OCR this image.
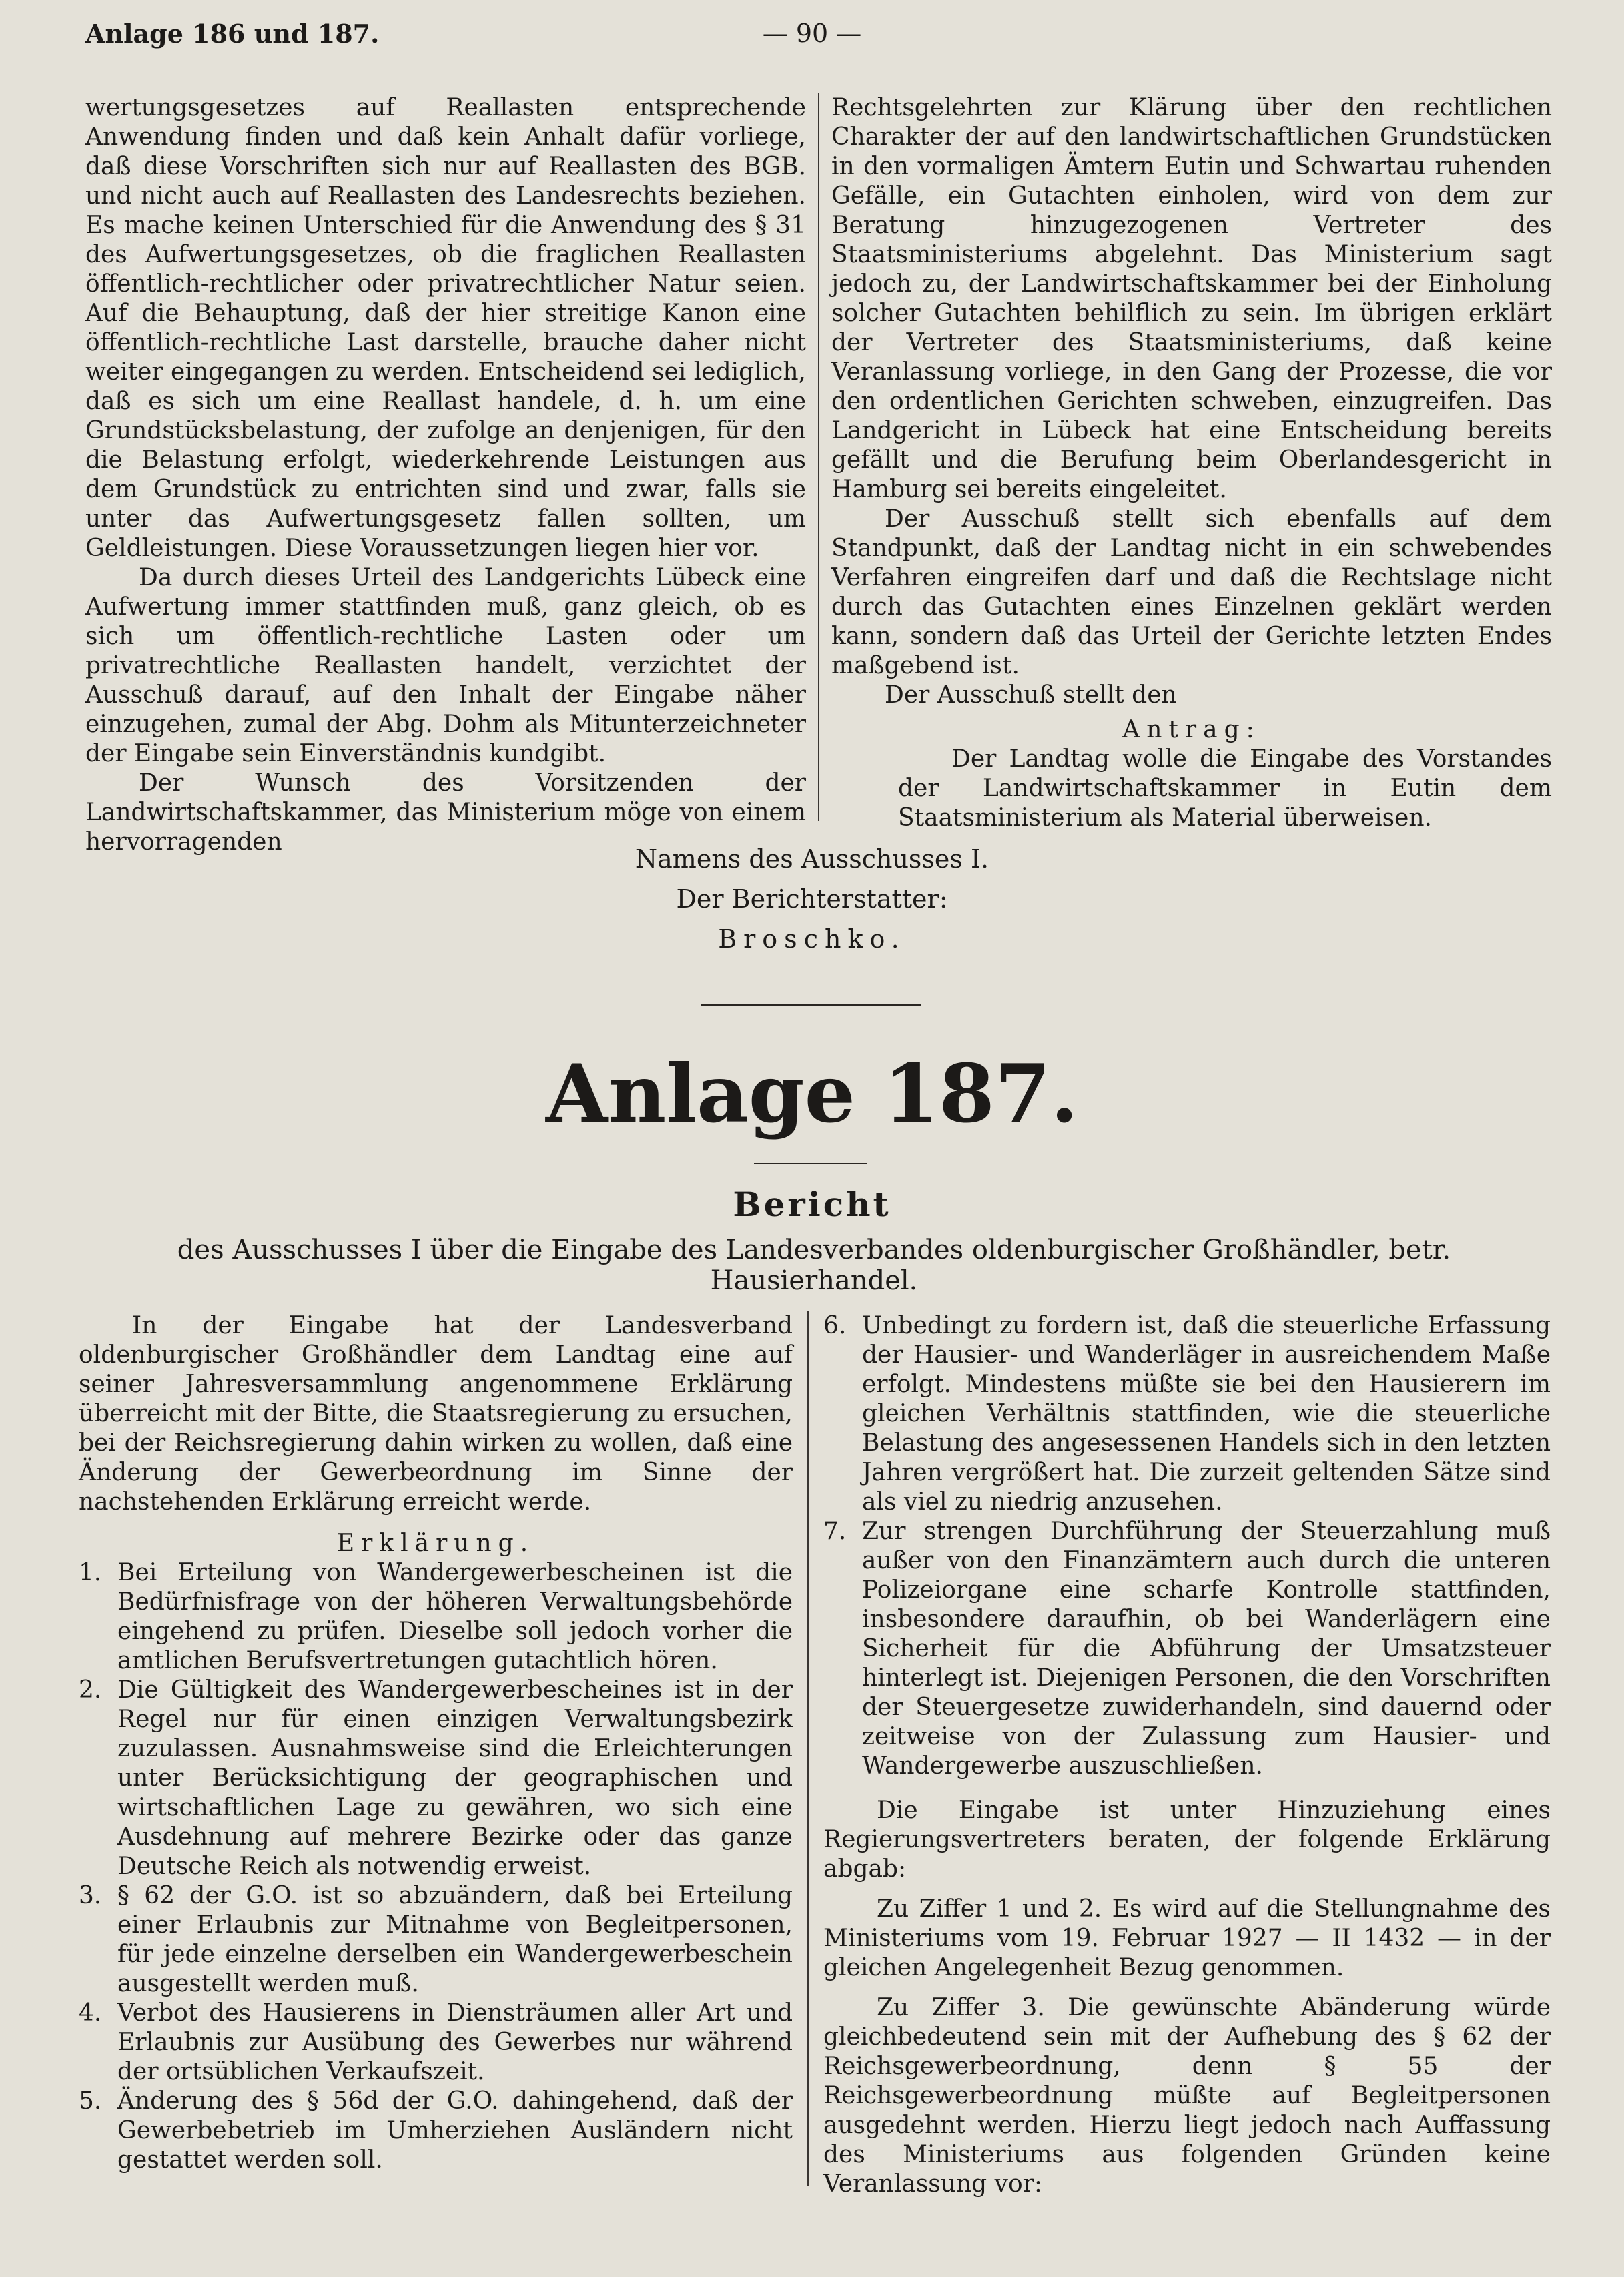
Anlage 186 und 187.	— 90 —

wertungsgesetzes auf Reallasten entsprechende Anwendung finden und daß kein Anhalt dafür vorliege, daß diese Vorschriften sich nur auf Reallasten des BGB. und nicht auch auf Reallasten des Landesrechts beziehen. Es mache keinen Unterschied für die Anwendung des § 31 des Aufwertungsgesetzes, ob die fraglichen Reallasten öffentlich-rechtlicher oder privatrechtlicher Natur seien. Auf die Behauptung, daß der hier streitige Kanon eine öffentlich-rechtliche Last darstelle, brauche daher nicht weiter eingegangen zu werden. Entscheidend sei lediglich, daß es sich um eine Reallast handele, d. h. um eine Grundstücksbelastung, der zufolge an denjenigen, für den die Belastung erfolgt, wiederkehrende Leistungen aus dem Grundstück zu entrichten sind und zwar, falls sie unter das Aufwertungsgesetz fallen sollten, um Geldleistungen. Diese Voraussetzungen liegen hier vor.

Da durch dieses Urteil des Landgerichts Lübeck eine Aufwertung immer stattfinden muß, ganz gleich, ob es sich um öffentlich-rechtliche Lasten oder um privatrechtliche Reallasten handelt, verzichtet der Ausschuß darauf, auf den Inhalt der Eingabe näher einzugehen, zumal der Abg. Dohm als Mitunterzeichneter der Eingabe sein Einverständnis kundgibt.

Der Wunsch des Vorsitzenden der Landwirtschaftskammer, das Ministerium möge von einem hervorragenden

Rechtsgelehrten zur Klärung über den rechtlichen Charakter der auf den landwirtschaftlichen Grundstücken in den vormaligen Ämtern Eutin und Schwartau ruhenden Gefälle, ein Gutachten einholen, wird von dem zur Beratung hinzugezogenen Vertreter des Staatsministeriums abgelehnt. Das Ministerium sagt jedoch zu, der Landwirtschaftskammer bei der Einholung solcher Gutachten behilflich zu sein. Im übrigen erklärt der Vertreter des Staatsministeriums, daß keine Veranlassung vorliege, in den Gang der Prozesse, die vor den ordentlichen Gerichten schweben, einzugreifen. Das Landgericht in Lübeck hat eine Entscheidung bereits gefällt und die Berufung beim Oberlandesgericht in Hamburg sei bereits eingeleitet.

Der Ausschuß stellt sich ebenfalls auf dem Standpunkt, daß der Landtag nicht in ein schwebendes Verfahren eingreifen darf und daß die Rechtslage nicht durch das Gutachten eines Einzelnen geklärt werden kann, sondern daß das Urteil der Gerichte letzten Endes maßgebend ist.

Der Ausschuß stellt den

Antrag:

Der Landtag wolle die Eingabe des Vorstandes der Landwirtschaftskammer in Eutin dem Staatsministerium als Material überweisen.

Namens des Ausschusses I.
Der Berichterstatter:
Broschko.
Anlage 187.
Bericht
des Ausschusses I über die Eingabe des Landesverbandes oldenburgischer Großhändler, betr. Hausierhandel.

In der Eingabe hat der Landesverband oldenburgischer Großhändler dem Landtag eine auf seiner Jahresversammlung angenommene Erklärung überreicht mit der Bitte, die Staatsregierung zu ersuchen, bei der Reichsregierung dahin wirken zu wollen, daß eine Änderung der Gewerbeordnung im Sinne der nachstehenden Erklärung erreicht werde.

Erklärung.

1. Bei Erteilung von Wandergewerbescheinen ist die Bedürfnisfrage von der höheren Verwaltungsbehörde eingehend zu prüfen. Dieselbe soll jedoch vorher die amtlichen Berufsvertretungen gutachtlich hören.
2. Die Gültigkeit des Wandergewerbescheines ist in der Regel nur für einen einzigen Verwaltungsbezirk zuzulassen. Ausnahmsweise sind die Erleichterungen unter Berücksichtigung der geographischen und wirtschaftlichen Lage zu gewähren, wo sich eine Ausdehnung auf mehrere Bezirke oder das ganze Deutsche Reich als notwendig erweist.
3. § 62 der G.O. ist so abzuändern, daß bei Erteilung einer Erlaubnis zur Mitnahme von Begleitpersonen, für jede einzelne derselben ein Wandergewerbeschein ausgestellt werden muß.
4. Verbot des Hausierens in Diensträumen aller Art und Erlaubnis zur Ausübung des Gewerbes nur während der ortsüblichen Verkaufszeit.
5. Änderung des § 56d der G.O. dahingehend, daß der Gewerbebetrieb im Umherziehen Ausländern nicht gestattet werden soll.
6. Unbedingt zu fordern ist, daß die steuerliche Erfassung der Hausier- und Wanderläger in ausreichendem Maße erfolgt. Mindestens müßte sie bei den Hausierern im gleichen Verhältnis stattfinden, wie die steuerliche Belastung des angesessenen Handels sich in den letzten Jahren vergrößert hat. Die zurzeit geltenden Sätze sind als viel zu niedrig anzusehen.
7. Zur strengen Durchführung der Steuerzahlung muß außer von den Finanzämtern auch durch die unteren Polizeiorgane eine scharfe Kontrolle stattfinden, insbesondere daraufhin, ob bei Wanderlägern eine Sicherheit für die Abführung der Umsatzsteuer hinterlegt ist. Diejenigen Personen, die den Vorschriften der Steuergesetze zuwiderhandeln, sind dauernd oder zeitweise von der Zulassung zum Hausier- und Wandergewerbe auszuschließen.

Die Eingabe ist unter Hinzuziehung eines Regierungsvertreters beraten, der folgende Erklärung abgab:

Zu Ziffer 1 und 2. Es wird auf die Stellungnahme des Ministeriums vom 19. Februar 1927 — II 1432 — in der gleichen Angelegenheit Bezug genommen.

Zu Ziffer 3. Die gewünschte Abänderung würde gleichbedeutend sein mit der Aufhebung des § 62 der Reichsgewerbeordnung, denn § 55 der Reichsgewerbeordnung müßte auf Begleitpersonen ausgedehnt werden. Hierzu liegt jedoch nach Auffassung des Ministeriums aus folgenden Gründen keine Veranlassung vor:
